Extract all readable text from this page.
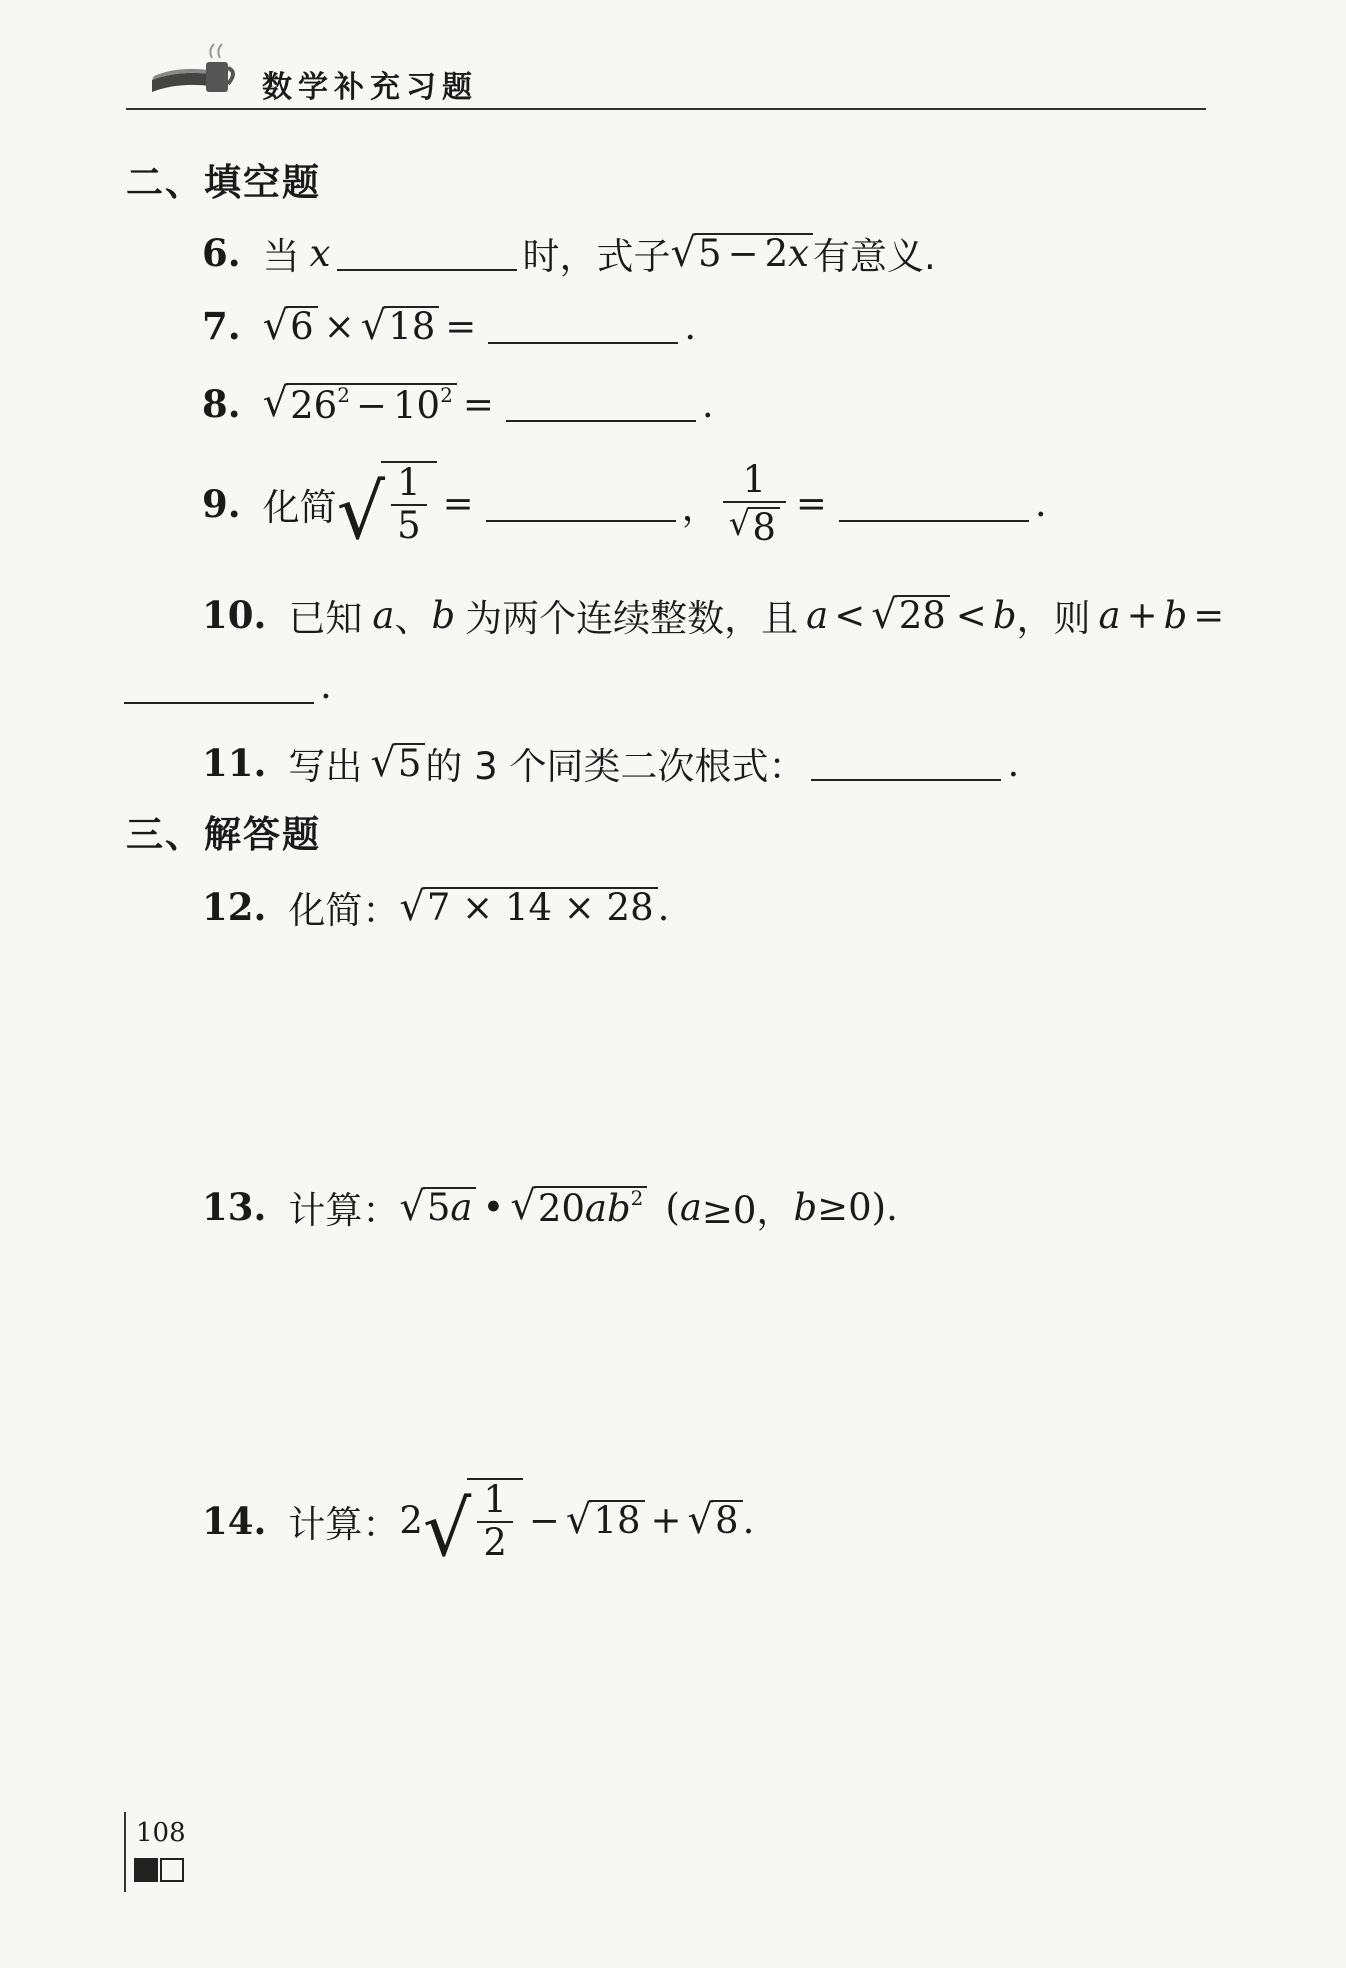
数学补充习题
二、填空题
6. 当 x	时，式子 √ 5 − 2x 有意义.
7. √ 6 × √ 18 =	.
8. √ $26^2 - 10^2$ =	.
9. 化简 √ $\frac{1}{5}$ =	， $\frac{1}{√ 8}$ =	.
10. 已知 a 、 b 为两个连续整数，且 a < √ 28 < b ，则 a + b =
.
11. 写出 √ 5 的 3 个同类二次根式：	.
三、解答题
12. 化简： √ 7 × 14 × 28 .
13. 计算： √ 5a • √ $20ab^2$ ( a ≥0， b ≥0).
14. 计算： 2 √ $\frac{1}{2}$ − √ 18 + √ 8 .
108
